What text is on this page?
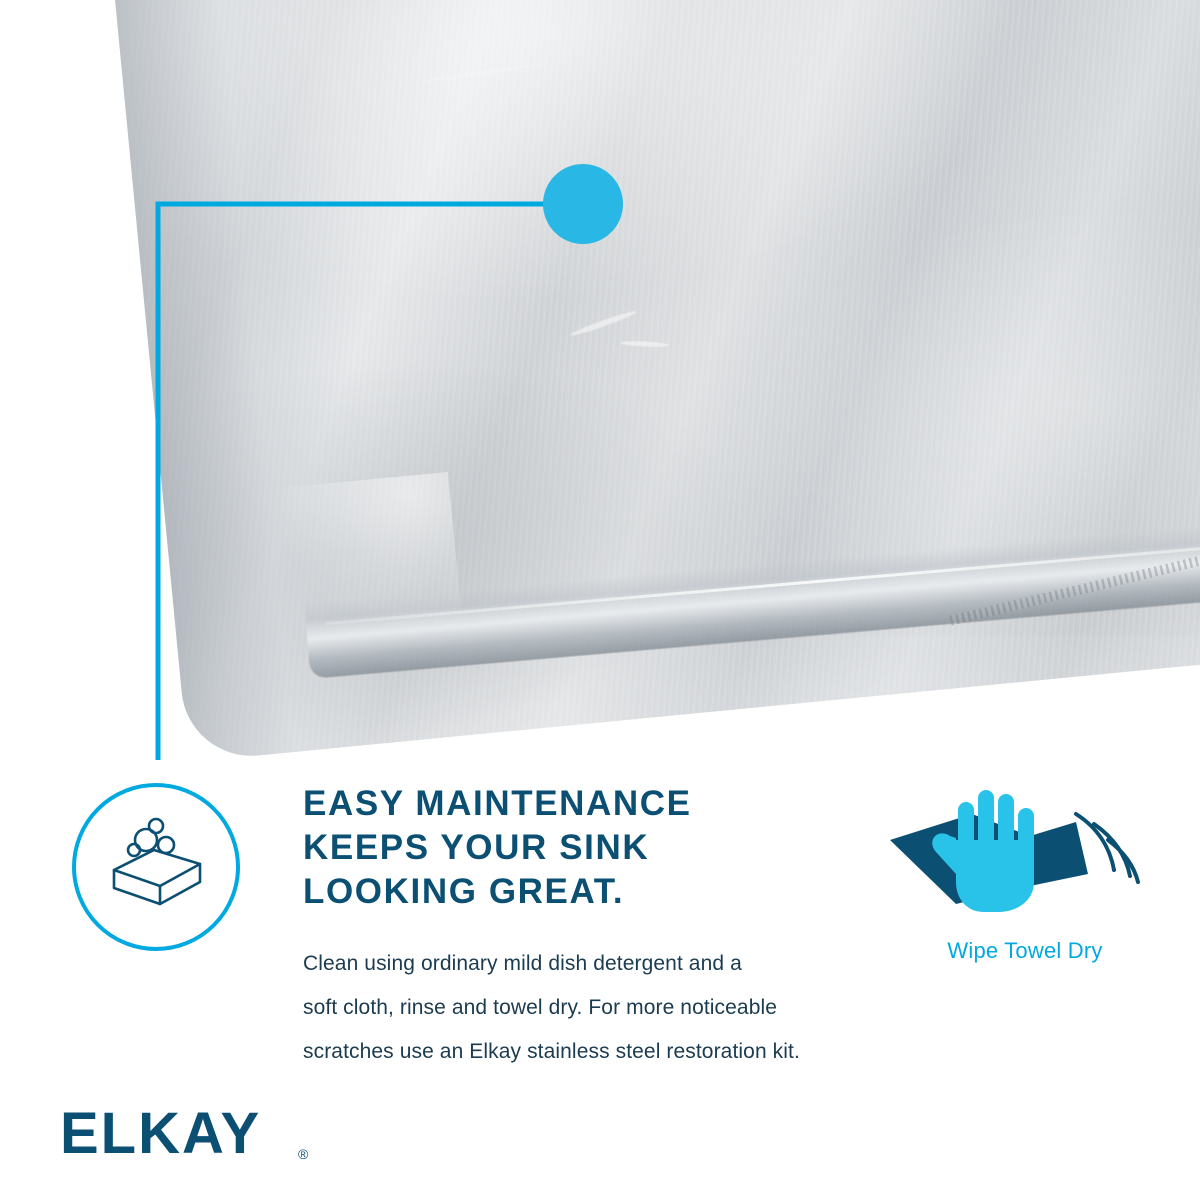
EASY MAINTENANCE
KEEPS YOUR SINK
LOOKING GREAT.
Clean using ordinary mild dish detergent and a
soft cloth, rinse and towel dry. For more noticeable
scratches use an Elkay stainless steel restoration kit.
Wipe Towel Dry
ELKAY	®
